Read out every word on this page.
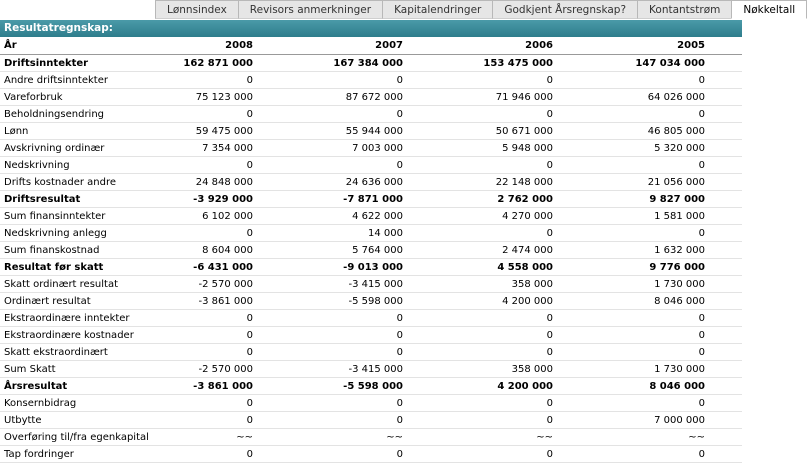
Lønnsindex	Revisors anmerkninger	Kapitalendringer	Godkjent Årsregnskap?	Kontantstrøm	Nøkkeltall
Resultatregnskap:
År	2008	2007	2006	2005	
Driftsinntekter	162 871 000	167 384 000	153 475 000	147 034 000	
Andre driftsinntekter	0	0	0	0	
Vareforbruk	75 123 000	87 672 000	71 946 000	64 026 000	
Beholdningsendring	0	0	0	0	
Lønn	59 475 000	55 944 000	50 671 000	46 805 000	
Avskrivning ordinær	7 354 000	7 003 000	5 948 000	5 320 000	
Nedskrivning	0	0	0	0	
Drifts kostnader andre	24 848 000	24 636 000	22 148 000	21 056 000	
Driftsresultat	-3 929 000	-7 871 000	2 762 000	9 827 000	
Sum finansinntekter	6 102 000	4 622 000	4 270 000	1 581 000	
Nedskrivning anlegg	0	14 000	0	0	
Sum finanskostnad	8 604 000	5 764 000	2 474 000	1 632 000	
Resultat før skatt	-6 431 000	-9 013 000	4 558 000	9 776 000	
Skatt ordinært resultat	-2 570 000	-3 415 000	358 000	1 730 000	
Ordinært resultat	-3 861 000	-5 598 000	4 200 000	8 046 000	
Ekstraordinære inntekter	0	0	0	0	
Ekstraordinære kostnader	0	0	0	0	
Skatt ekstraordinært	0	0	0	0	
Sum Skatt	-2 570 000	-3 415 000	358 000	1 730 000	
Årsresultat	-3 861 000	-5 598 000	4 200 000	8 046 000	
Konsernbidrag	0	0	0	0	
Utbytte	0	0	0	7 000 000	
Overføring til/fra egenkapital	~~	~~	~~	~~	
Tap fordringer	0	0	0	0	
